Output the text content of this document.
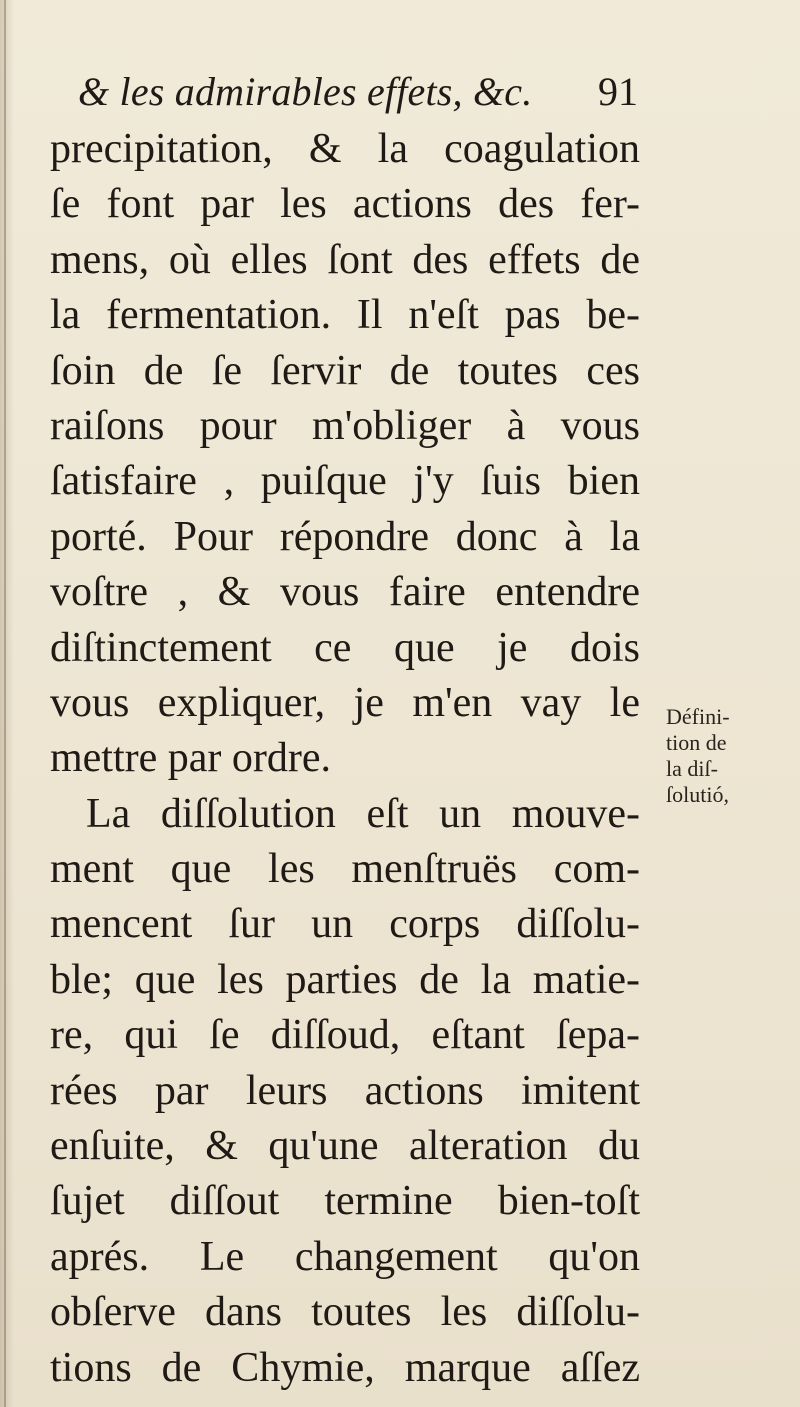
& les admirables effets, &c. 91
precipitation, & la coagulation
ſe font par les actions des fer-
mens, où elles ſont des effets de
la fermentation. Il n'eſt pas be-
ſoin de ſe ſervir de toutes ces
raiſons pour m'obliger à vous
ſatisfaire , puiſque j'y ſuis bien
porté. Pour répondre donc à la
voſtre , & vous faire entendre
diſtinctement ce que je dois
vous expliquer, je m'en vay le
mettre par ordre.
La diſſolution eſt un mouve-
ment que les menſtruës com-
mencent ſur un corps diſſolu-
ble; que les parties de la matie-
re, qui ſe diſſoud, eſtant ſepa-
rées par leurs actions imitent
enſuite, & qu'une alteration du
ſujet diſſout termine bien-toſt
aprés. Le changement qu'on
obſerve dans toutes les diſſolu-
tions de Chymie, marque aſſez
Défini-
tion de
la diſ-
ſolutió,
